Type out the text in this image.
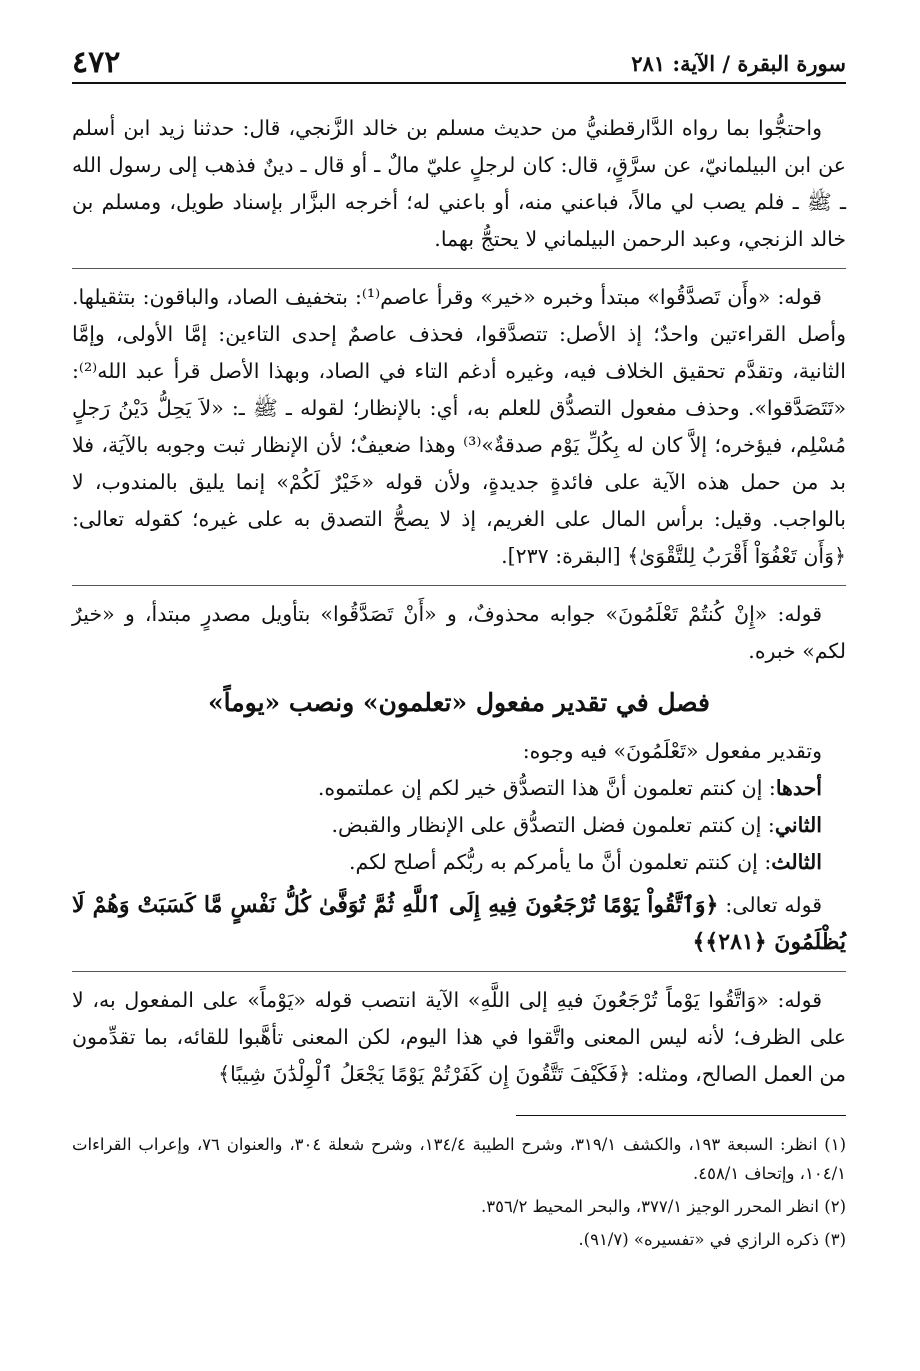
سورة البقرة / الآية: ٢٨١
٤٧٢

واحتجُّوا بما رواه الدَّارقطنيُّ من حديث مسلم بن خالد الزَّنجي، قال: حدثنا زيد ابن أسلم عن ابن البيلمانيّ، عن سرَّقٍ، قال: كان لرجلٍ عليّ مالٌ ـ أو قال ـ دينٌ فذهب إلى رسول الله ـ ﷺ ـ فلم يصب لي مالاً، فباعني منه، أو باعني له؛ أخرجه البزَّار بإسناد طويل، ومسلم بن خالد الزنجي، وعبد الرحمن البيلماني لا يحتجُّ بهما.

قوله: «وأَن تَصدَّقُوا» مبتدأ وخبره «خير» وقرأ عاصم⁽¹⁾: بتخفيف الصاد، والباقون: بتثقيلها. وأصل القراءتين واحدٌ؛ إذ الأصل: تتصدَّقوا، فحذف عاصمٌ إحدى التاءين: إمَّا الأولى، وإمَّا الثانية، وتقدَّم تحقيق الخلاف فيه، وغيره أدغم التاء في الصاد، وبهذا الأصل قرأ عبد الله⁽²⁾: «تَتَصَدَّقوا». وحذف مفعول التصدُّق للعلم به، أي: بالإنظار؛ لقوله ـ ﷺ ـ: «لاَ يَحِلُّ دَيْنُ رَجلٍ مُسْلِم، فيؤخره؛ إلاَّ كان له بِكُلِّ يَوْم صدقةٌ»⁽³⁾ وهذا ضعيفٌ؛ لأن الإنظار ثبت وجوبه بالآيَة، فلا بد من حمل هذه الآية على فائدةٍ جديدةٍ، ولأن قوله «خَيْرٌ لَكُمْ» إنما يليق بالمندوب، لا بالواجب. وقيل: برأس المال على الغريم، إذ لا يصحُّ التصدق به على غيره؛ كقوله تعالى: ﴿وَأَن تَعْفُوٓاْ أَقْرَبُ لِلتَّقْوَىٰ﴾ [البقرة: ٢٣٧].

قوله: «إِنْ كُنتُمْ تَعْلَمُونَ» جوابه محذوفٌ، و «أَنْ تَصَدَّقُوا» بتأويل مصدرٍ مبتدأ، و «خيرٌ لكم» خبره.

فصل في تقدير مفعول «تعلمون» ونصب «يوماً»

وتقدير مفعول «تَعْلَمُونَ» فيه وجوه:

أحدها: إن كنتم تعلمون أنَّ هذا التصدُّق خير لكم إن عملتموه.

الثاني: إن كنتم تعلمون فضل التصدُّق على الإنظار والقبض.

الثالث: إن كنتم تعلمون أنَّ ما يأمركم به ربُّكم أصلح لكم.

قوله تعالى: ﴿وَٱتَّقُواْ يَوْمًا تُرْجَعُونَ فِيهِ إِلَى ٱللَّهِ ثُمَّ تُوَفَّىٰ كُلُّ نَفْسٍ مَّا كَسَبَتْ وَهُمْ لَا يُظْلَمُونَ ﴿٢٨١﴾﴾

قوله: «وَاتَّقُوا يَوْماً تُرْجَعُونَ فيهِ إلى اللَّهِ» الآية انتصب قوله «يَوْماً» على المفعول به، لا على الظرف؛ لأنه ليس المعنى واتَّقوا في هذا اليوم، لكن المعنى تأهَّبوا للقائه، بما تقدِّمون من العمل الصالح، ومثله: ﴿فَكَيْفَ تَتَّقُونَ إِن كَفَرْتُمْ يَوْمًا يَجْعَلُ ٱلْوِلْدَٰنَ شِيبًا﴾

(١) انظر: السبعة ١٩٣، والكشف ٣١٩/١، وشرح الطيبة ١٣٤/٤، وشرح شعلة ٣٠٤، والعنوان ٧٦، وإعراب القراءات ١٠٤/١، وإتحاف ٤٥٨/١.

(٢) انظر المحرر الوجيز ٣٧٧/١، والبحر المحيط ٣٥٦/٢.

(٣) ذكره الرازي في «تفسيره» (٩١/٧).
